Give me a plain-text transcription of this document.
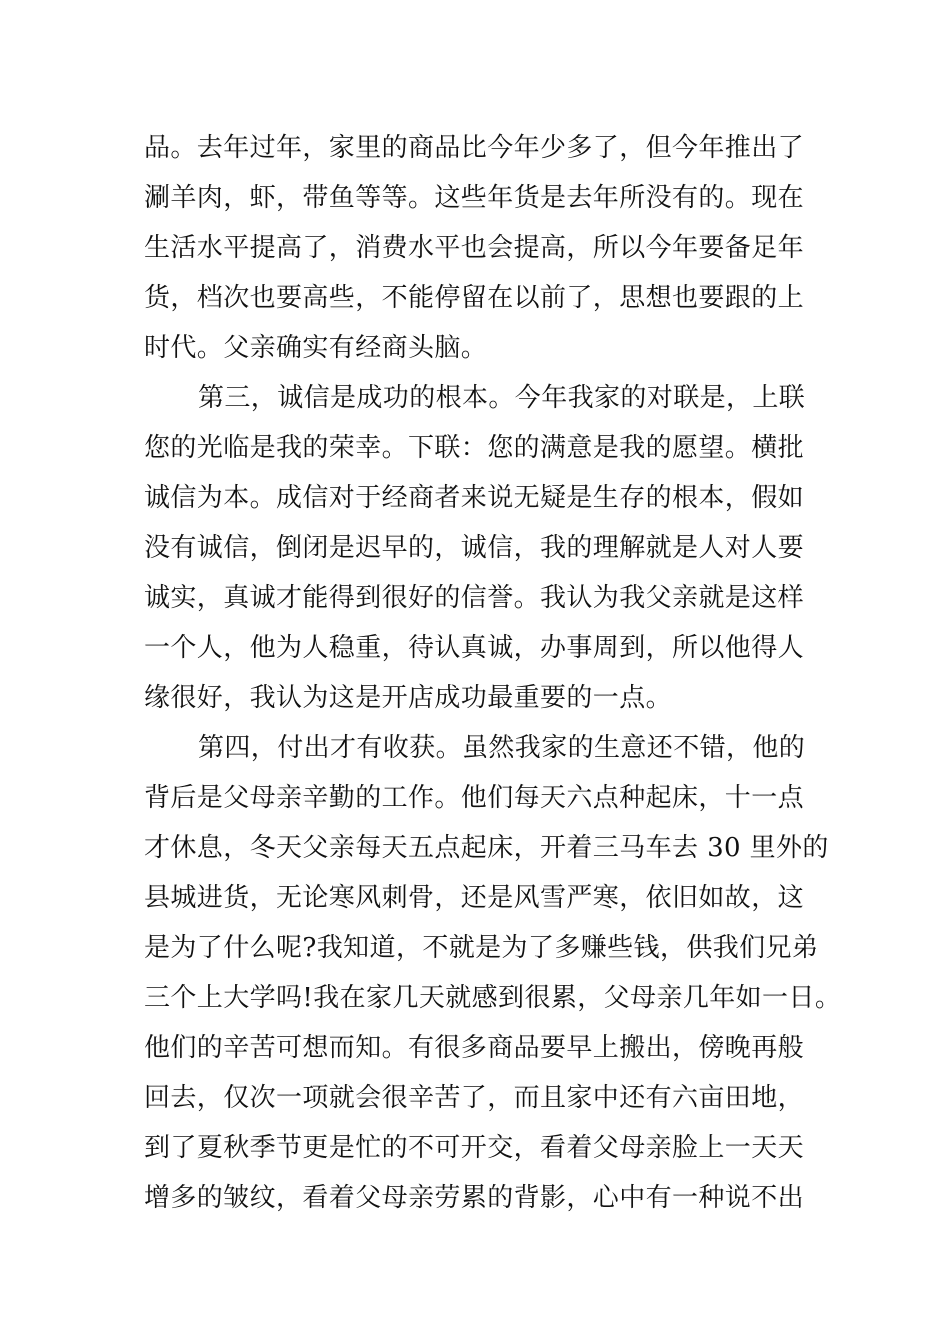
品。去年过年，家里的商品比今年少多了，但今年推出了
涮羊肉，虾，带鱼等等。这些年货是去年所没有的。现在
生活水平提高了，消费水平也会提高，所以今年要备足年
货，档次也要高些，不能停留在以前了，思想也要跟的上
时代。父亲确实有经商头脑。
第三，诚信是成功的根本。今年我家的对联是，上联
您的光临是我的荣幸。下联：您的满意是我的愿望。横批
诚信为本。成信对于经商者来说无疑是生存的根本，假如
没有诚信，倒闭是迟早的，诚信，我的理解就是人对人要
诚实，真诚才能得到很好的信誉。我认为我父亲就是这样
一个人，他为人稳重，待认真诚，办事周到，所以他得人
缘很好，我认为这是开店成功最重要的一点。
第四，付出才有收获。虽然我家的生意还不错，他的
背后是父母亲辛勤的工作。他们每天六点种起床，十一点
才休息，冬天父亲每天五点起床，开着三马车去 30 里外的
县城进货，无论寒风刺骨，还是风雪严寒，依旧如故，这
是为了什么呢?我知道，不就是为了多赚些钱，供我们兄弟
三个上大学吗!我在家几天就感到很累，父母亲几年如一日。
他们的辛苦可想而知。有很多商品要早上搬出，傍晚再般
回去，仅次一项就会很辛苦了，而且家中还有六亩田地，
到了夏秋季节更是忙的不可开交，看着父母亲脸上一天天
增多的皱纹，看着父母亲劳累的背影，心中有一种说不出
